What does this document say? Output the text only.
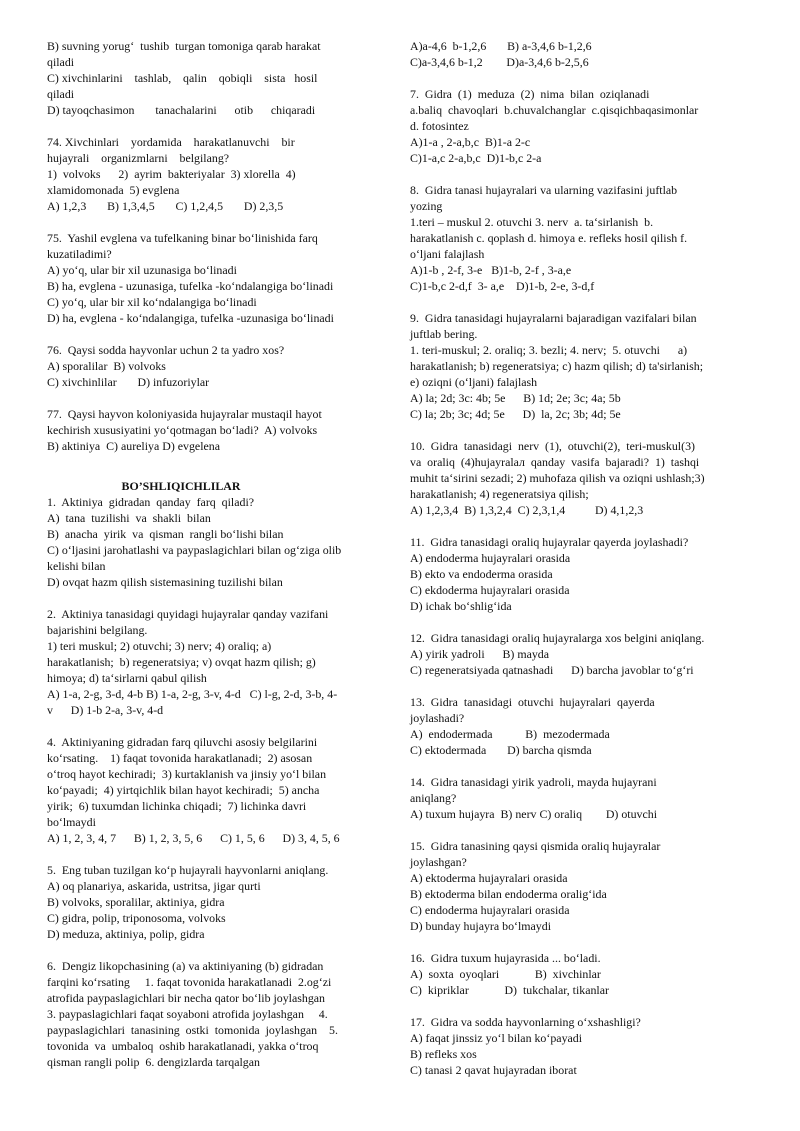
B) suvning yorug‘  tushib  turgan tomoniga qarab harakat
qiladi
C) xivchinlarini    tashlab,    qalin    qobiqli    sista   hosil
qiladi
D) tayoqchasimon       tanachalarini      otib      chiqaradi
74. Xivchinlari    yordamida    harakatlanuvchi    bir
hujayrali    organizmlarni    belgilang?
1)  volvoks      2)  ayrim  bakteriyalar  3) xlorella  4)
xlamidomonada  5) evglena
A) 1,2,3       B) 1,3,4,5       C) 1,2,4,5       D) 2,3,5
75.  Yashil evglena va tufelkaning binar bo‘linishida farq
kuzatiladimi?
A) yo‘q, ular bir xil uzunasiga bo‘linadi
B) ha, evglena - uzunasiga, tufelka -ko‘ndalangiga bo‘linadi
C) yo‘q, ular bir xil ko‘ndalangiga bo‘linadi
D) ha, evglena - ko‘ndalangiga, tufelka -uzunasiga bo‘linadi
76.  Qaysi sodda hayvonlar uchun 2 ta yadro xos?
A) sporalilar  B) volvoks
C) xivchinlilar       D) infuzoriylar
77.  Qaysi hayvon koloniyasida hujayralar mustaqil hayot
kechirish xususiyatini yo‘qotmagan bo‘ladi?  A) volvoks
B) aktiniya  C) aureliya D) evgelena
BO’SHLIQICHLILAR
1.  Aktiniya  gidradan  qanday  farq  qiladi?
A)  tana  tuzilishi  va  shakli  bilan
B)  anacha  yirik  va  qisman  rangli bo‘lishi bilan
C) o‘ljasini jarohatlashi va paypaslagichlari bilan og‘ziga olib
kelishi bilan
D) ovqat hazm qilish sistemasining tuzilishi bilan
2.  Aktiniya tanasidagi quyidagi hujayralar qanday vazifani
bajarishini belgilang.
1) teri muskul; 2) otuvchi; 3) nerv; 4) oraliq; a)
harakatlanish;  b) regeneratsiya; v) ovqat hazm qilish; g)
himoya; d) ta‘sirlarni qabul qilish
A) 1-a, 2-g, 3-d, 4-b B) 1-a, 2-g, 3-v, 4-d   C) l-g, 2-d, 3-b, 4-
v      D) 1-b 2-a, 3-v, 4-d
4.  Aktiniyaning gidradan farq qiluvchi asosiy belgilarini
ko‘rsating.    1) faqat tovonida harakatlanadi;  2) asosan
o‘troq hayot kechiradi;  3) kurtaklanish va jinsiy yo‘l bilan
ko‘payadi;  4) yirtqichlik bilan hayot kechiradi;  5) ancha
yirik;  6) tuxumdan lichinka chiqadi;  7) lichinka davri
bo‘lmaydi
A) 1, 2, 3, 4, 7      B) 1, 2, 3, 5, 6      C) 1, 5, 6      D) 3, 4, 5, 6
5.  Eng tuban tuzilgan ko‘p hujayrali hayvonlarni aniqlang.
A) oq planariya, askarida, ustritsa, jigar qurti
B) volvoks, sporalilar, aktiniya, gidra
C) gidra, polip, triponosoma, volvoks
D) meduza, aktiniya, polip, gidra
6.  Dengiz likopchasining (a) va aktiniyaning (b) gidradan
farqini ko‘rsating     1. faqat tovonida harakatlanadi  2.og‘zi
atrofida paypaslagichlari bir necha qator bo‘lib joylashgan
3. paypaslagichlari faqat soyaboni atrofida joylashgan     4.
paypaslagichlari  tanasining  ostki  tomonida  joylashgan    5.
tovonida  va  umbaloq  oshib harakatlanadi, yakka o‘troq
qisman rangli polip  6. dengizlarda tarqalgan
A)a-4,6  b-1,2,6       B) a-3,4,6 b-1,2,6
C)a-3,4,6 b-1,2        D)a-3,4,6 b-2,5,6
7.  Gidra  (1)  meduza  (2)  nima  bilan  oziqlanadi
a.baliq  chavoqlari  b.chuvalchanglar  c.qisqichbaqasimonlar
d. fotosintez
A)1-a , 2-a,b,c  B)1-a 2-c
C)1-a,c 2-a,b,c  D)1-b,c 2-a
8.  Gidra tanasi hujayralari va ularning vazifasini juftlab
yozing
1.teri – muskul 2. otuvchi 3. nerv  a. ta‘sirlanish  b.
harakatlanish c. qoplash d. himoya e. refleks hosil qilish f.
o‘ljani falajlash
A)1-b , 2-f, 3-e   B)1-b, 2-f , 3-a,e
C)1-b,c 2-d,f  3- a,e    D)1-b, 2-e, 3-d,f
9.  Gidra tanasidagi hujayralarni bajaradigan vazifalari bilan
juftlab bering.
1. teri-muskul; 2. oraliq; 3. bezli; 4. nerv;  5. otuvchi      a)
harakatlanish; b) regeneratsiya; c) hazm qilish; d) ta'sirlanish;
e) oziqni (o‘ljani) falajlash
A) la; 2d; 3c: 4b; 5e      B) 1d; 2e; 3c; 4a; 5b
C) la; 2b; 3c; 4d; 5e      D)  la, 2c; 3b; 4d; 5e
10.  Gidra  tanasidagi  nerv  (1),  otuvchi(2),  teri-muskul(3)
va  oraliq  (4)hujayralaл  qanday  vasifa  bajaradi?  1)  tashqi
muhit ta‘sirini sezadi; 2) muhofaza qilish va oziqni ushlash;3)
harakatlanish; 4) regeneratsiya qilish;
A) 1,2,3,4  B) 1,3,2,4  C) 2,3,1,4          D) 4,1,2,3
11.  Gidra tanasidagi oraliq hujayralar qayerda joylashadi?
A) endoderma hujayralari orasida
B) ekto va endoderma orasida
C) ekdoderma hujayralari orasida
D) ichak bo‘shlig‘ida
12.  Gidra tanasidagi oraliq hujayralarga xos belgini aniqlang.
A) yirik yadroli      B) mayda
C) regeneratsiyada qatnashadi      D) barcha javoblar to‘g‘ri
13.  Gidra  tanasidagi  otuvchi  hujayralari  qayerda
joylashadi?
A)  endodermada           B)  mezodermada
C) ektodermada       D) barcha qismda
14.  Gidra tanasidagi yirik yadroli, mayda hujayrani
aniqlang?
A) tuxum hujayra  B) nerv C) oraliq        D) otuvchi
15.  Gidra tanasining qaysi qismida oraliq hujayralar
joylashgan?
A) ektoderma hujayralari orasida
B) ektoderma bilan endoderma oralig‘ida
C) endoderma hujayralari orasida
D) bunday hujayra bo‘lmaydi
16.  Gidra tuxum hujayrasida ... bo‘ladi.
A)  soxta  oyoqlari            B)  xivchinlar
C)  kipriklar            D)  tukchalar, tikanlar
17.  Gidra va sodda hayvonlarning o‘xshashligi?
A) faqat jinssiz yo‘l bilan ko‘payadi
B) refleks xos
C) tanasi 2 qavat hujayradan iborat
